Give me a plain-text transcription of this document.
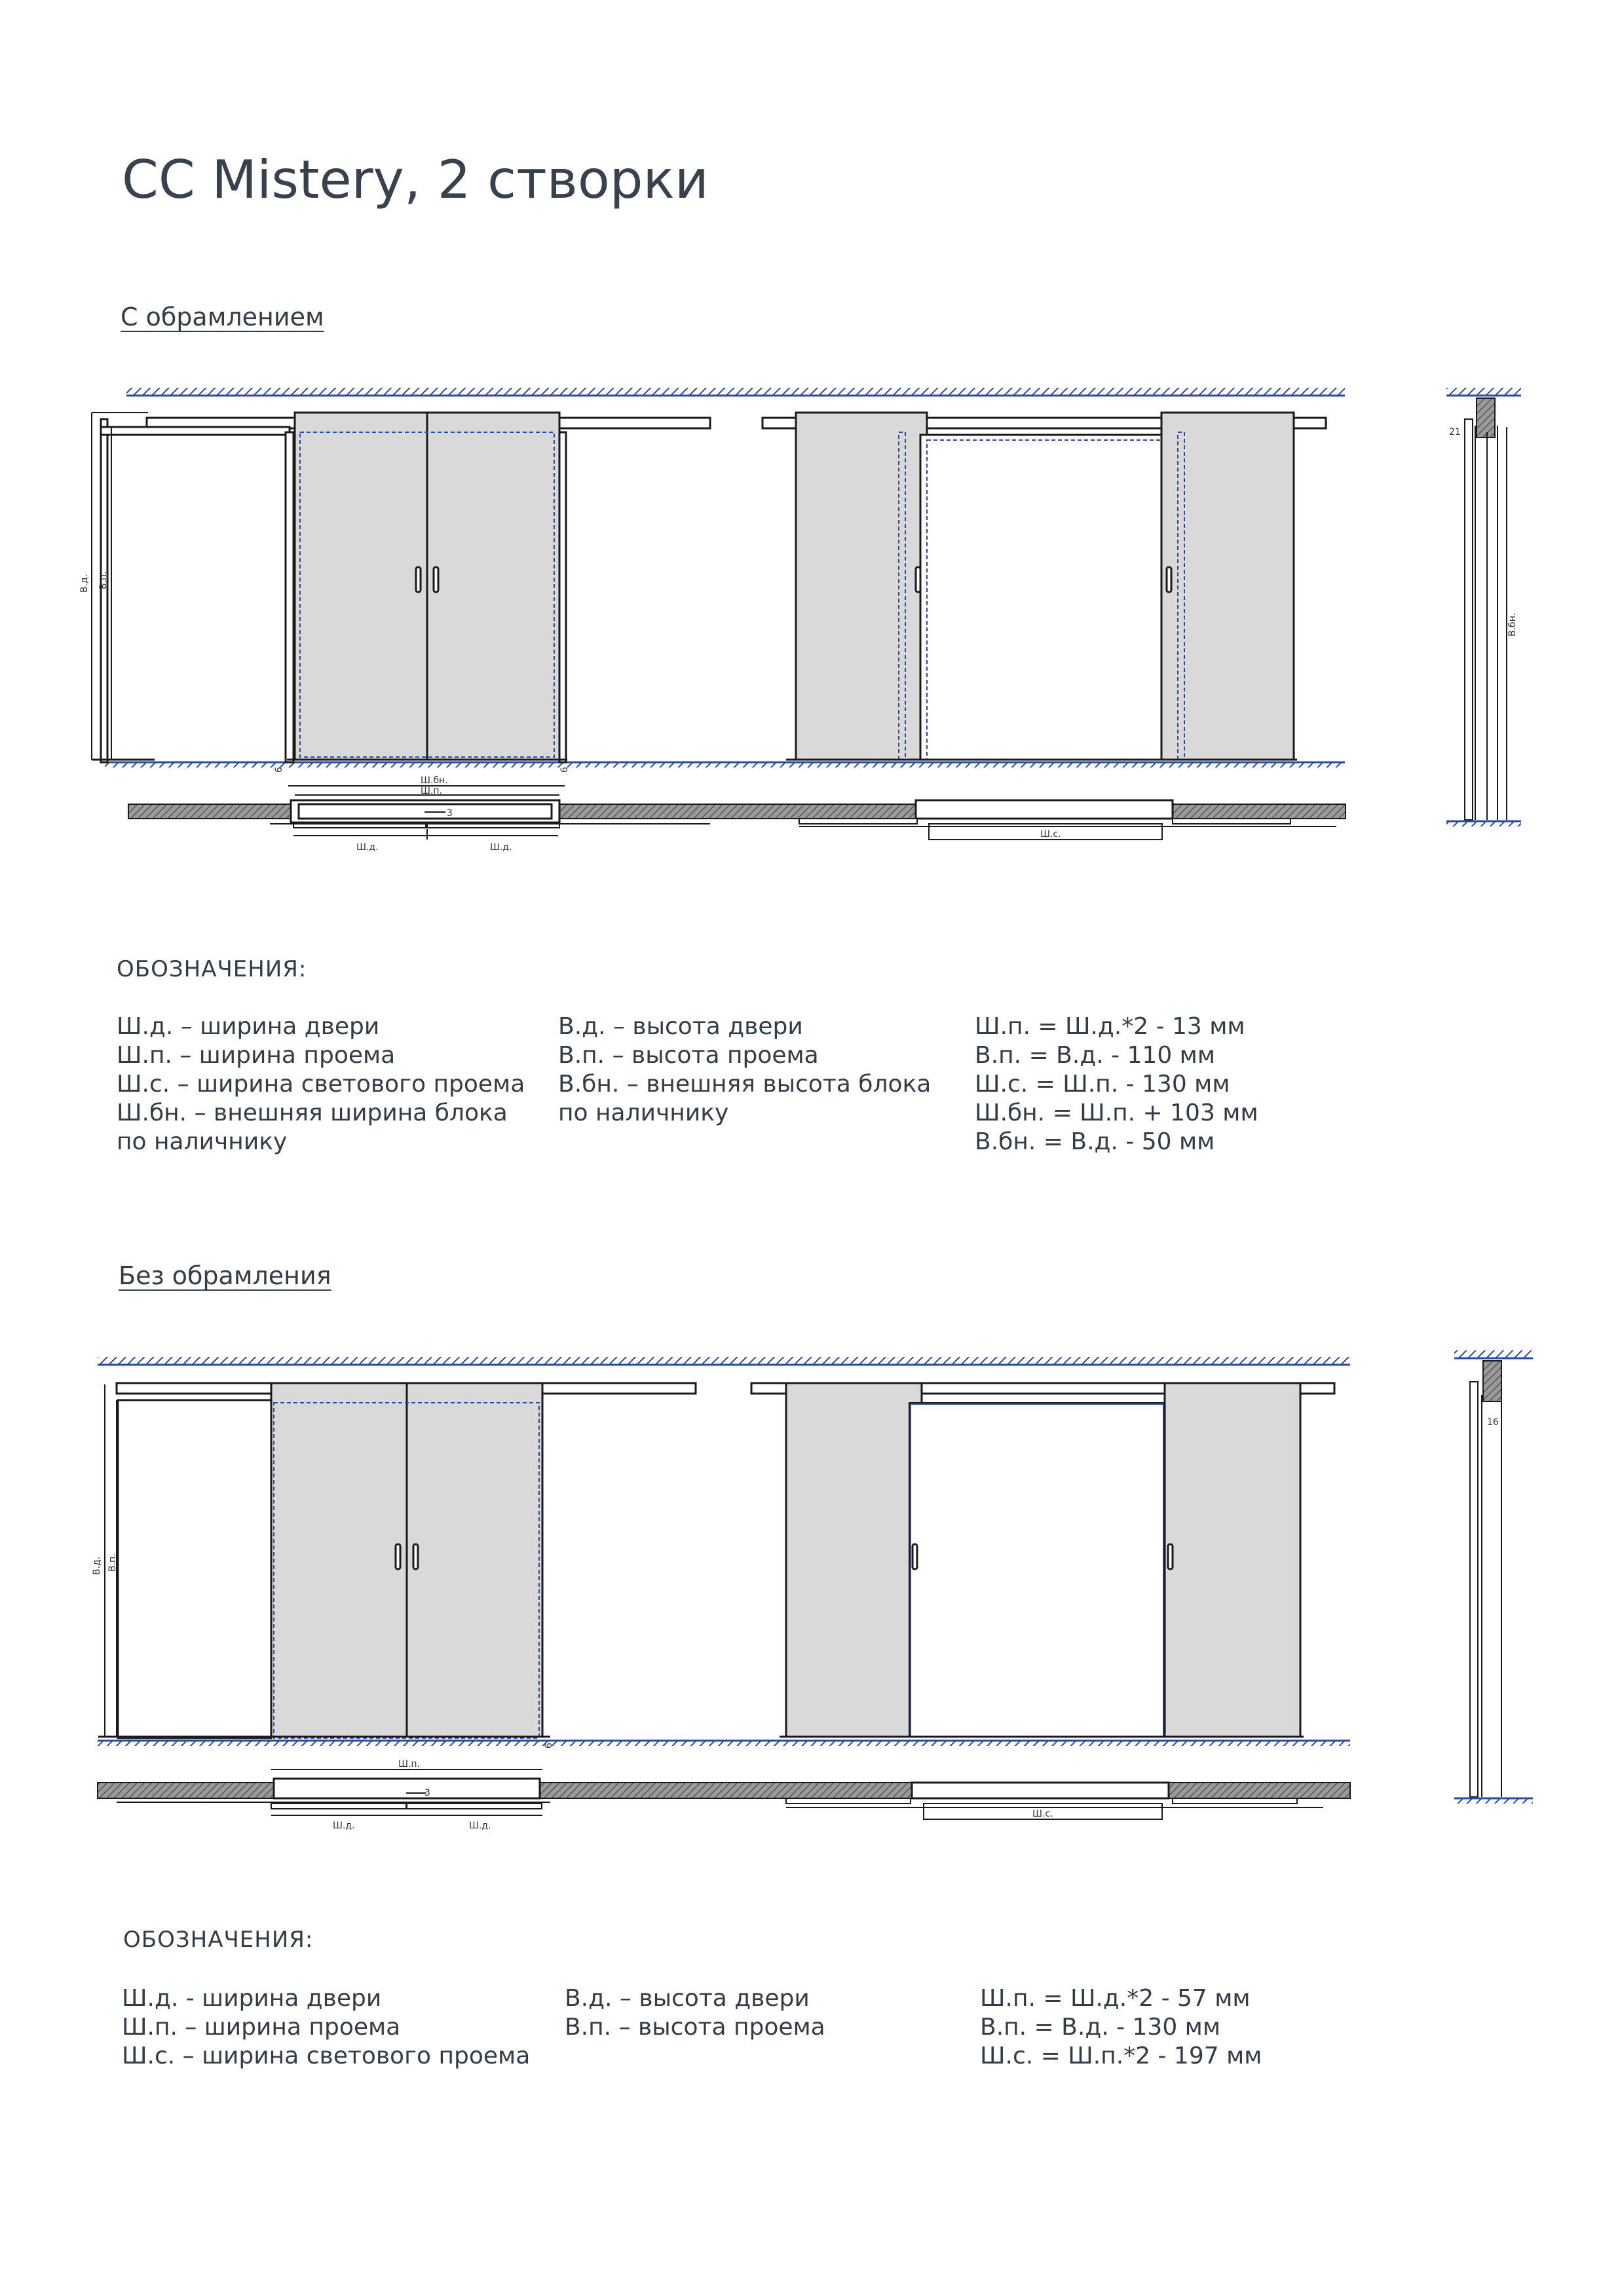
CC Mistery, 2 створки
С обрамлением
Без обрамления
В.д. В.п.
Ш.бн.
Ш.п.
Ш.д.	Ш.д.
Ш.с.
3
6	6
В.бн.
21
В.д. В.п.
Ш.п.
Ш.д.	Ш.д.
Ш.с.
3
6
16
ОБОЗНАЧЕНИЯ:
Ш.д. – ширина двери
Ш.п. – ширина проема
Ш.с. – ширина светового проема
Ш.бн. – внешняя ширина блока
по наличнику
В.д. – высота двери
В.п. – высота проема
В.бн. – внешняя высота блока
по наличнику
Ш.п. = Ш.д.*2 - 13 мм
В.п. = В.д. - 110 мм
Ш.с. = Ш.п. - 130 мм
Ш.бн. = Ш.п. + 103 мм
В.бн. = В.д. - 50 мм
ОБОЗНАЧЕНИЯ:
Ш.д. - ширина двери
Ш.п. – ширина проема
Ш.с. – ширина светового проема
В.д. – высота двери
В.п. – высота проема
Ш.п. = Ш.д.*2 - 57 мм
В.п. = В.д. - 130 мм
Ш.с. = Ш.п.*2 - 197 мм
